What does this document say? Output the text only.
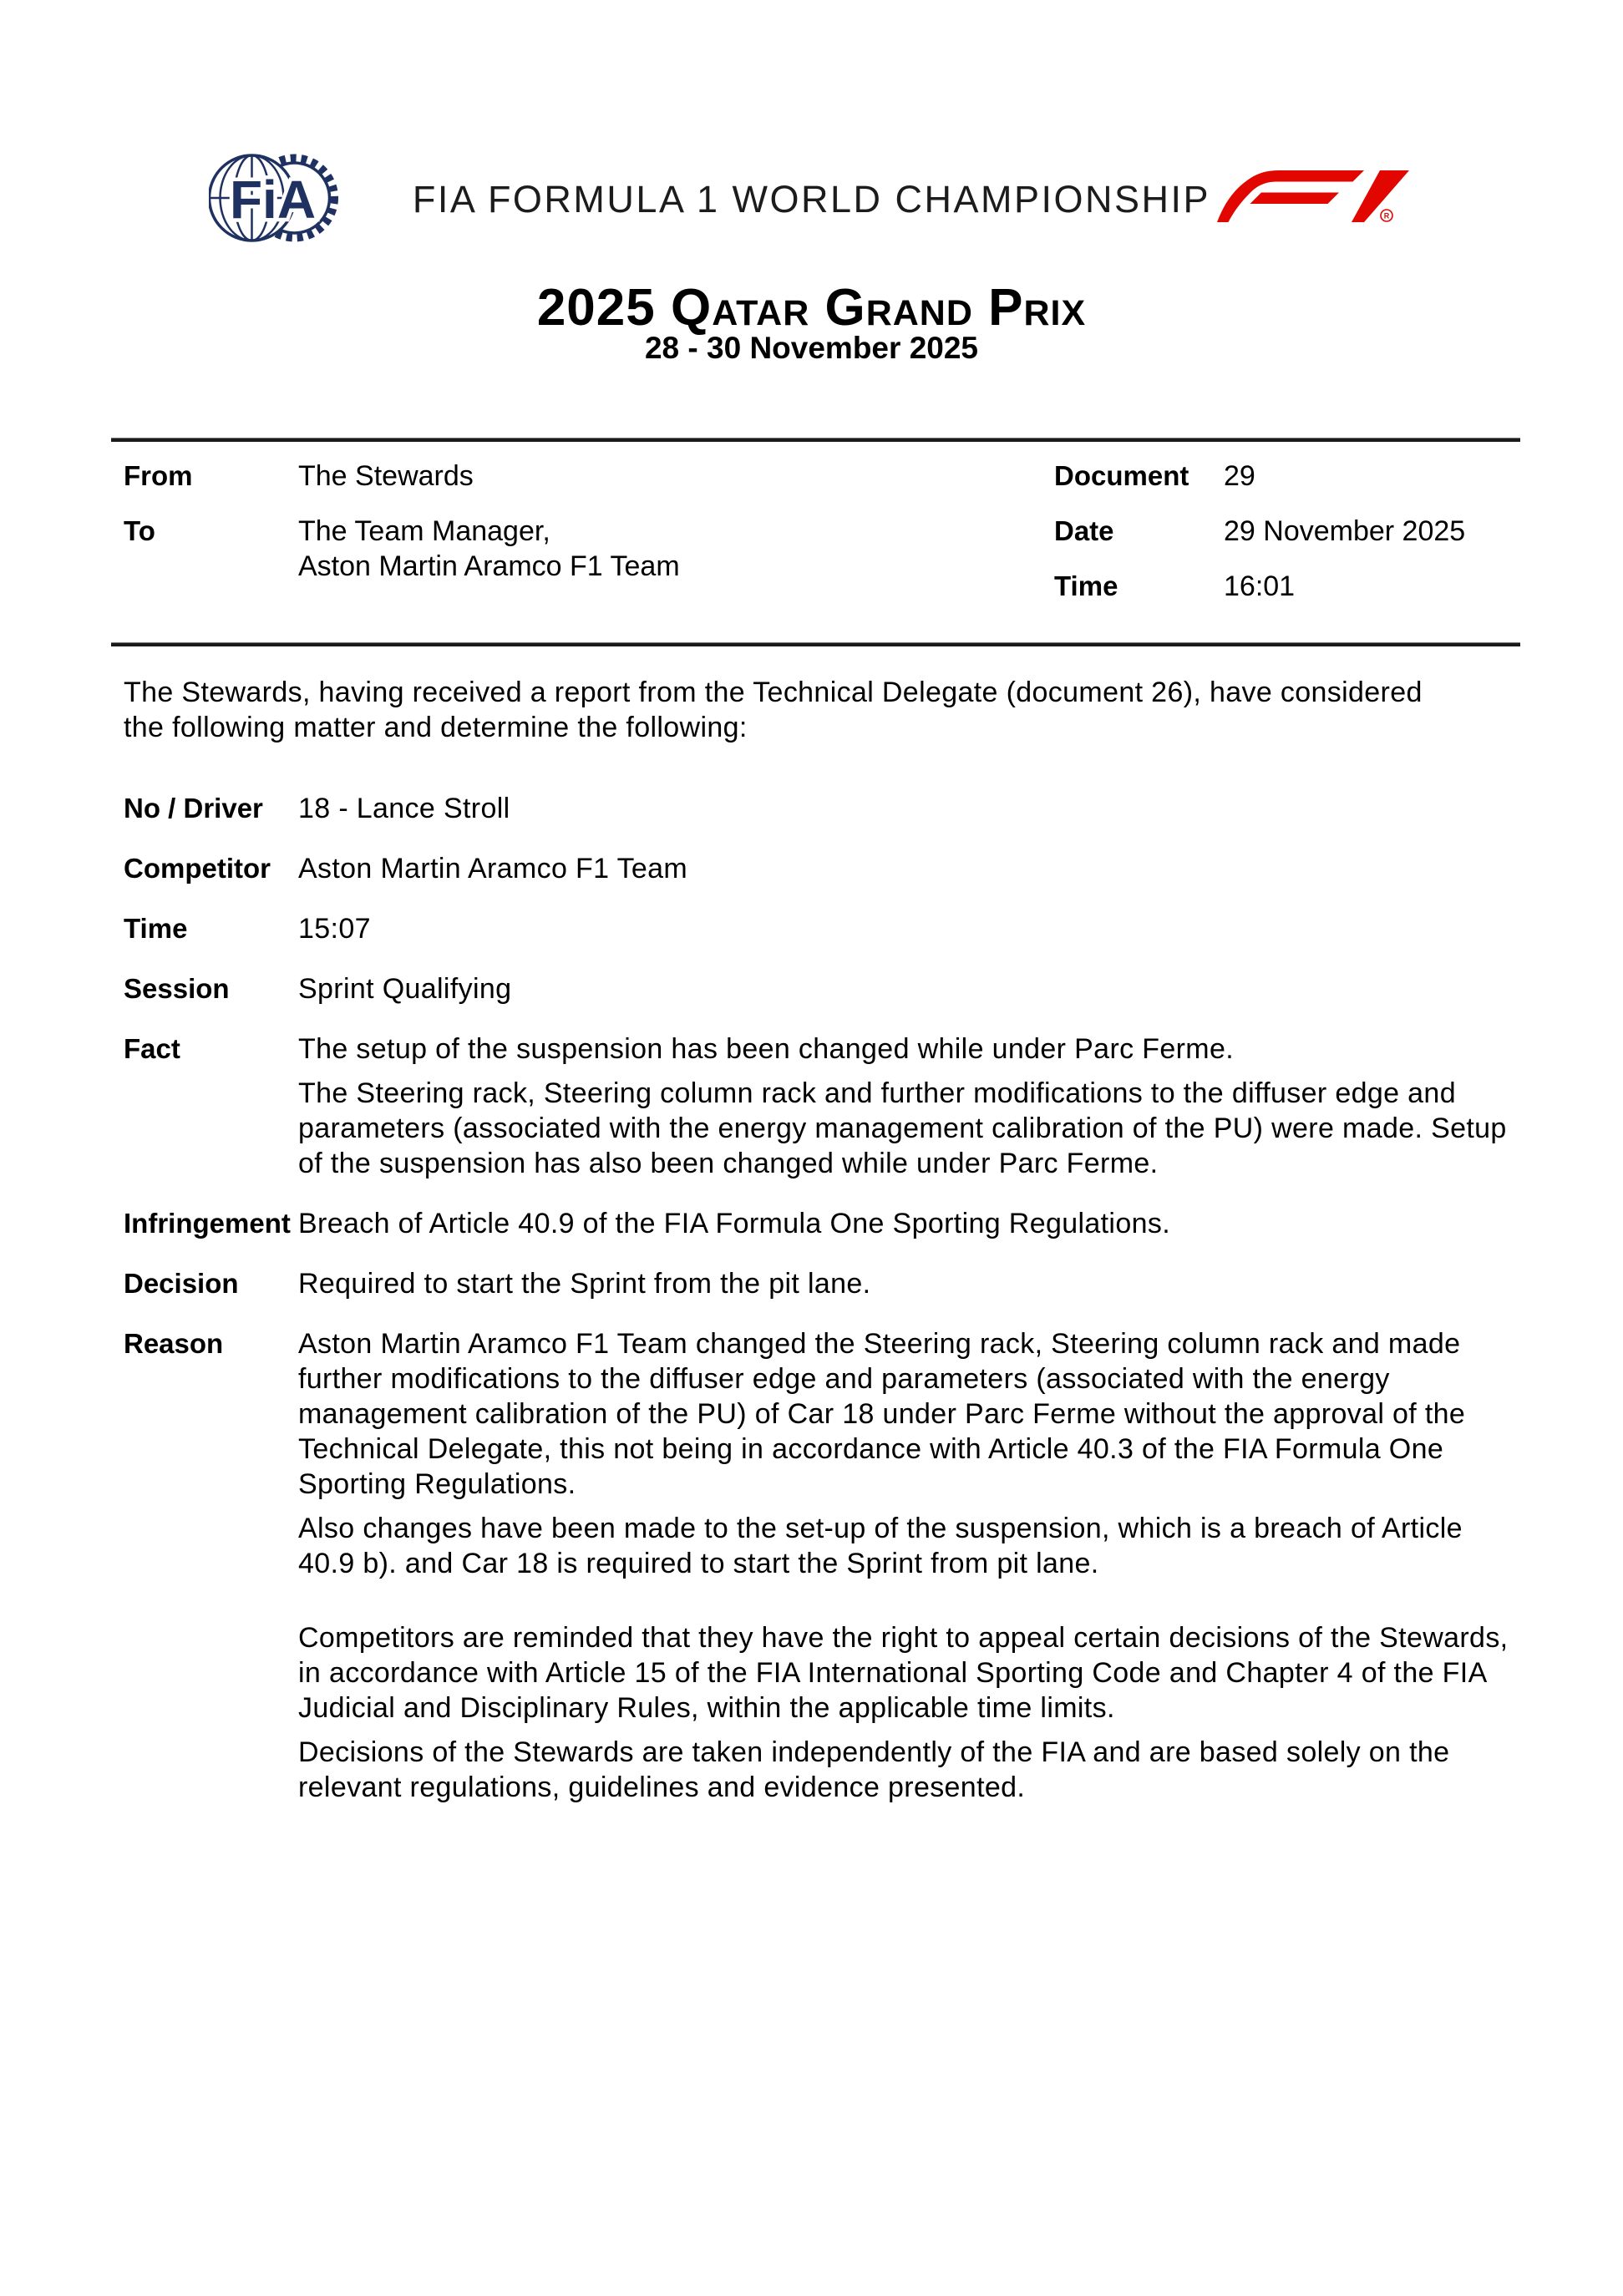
FiA	FIA FORMULA 1 WORLD CHAMPIONSHIP	R
2025 Qatar Grand Prix
28 - 30 November 2025
From	The Stewards
To	The Team Manager,
Aston Martin Aramco F1 Team
Document 29
Date	29 November 2025
Time	16:01

The Stewards, having received a report from the Technical Delegate (document 26), have considered the following matter and determine the following:

No / Driver	18 - Lance Stroll

Competitor Aston Martin Aramco F1 Team

Time	15:07

Session	Sprint Qualifying

Fact	The setup of the suspension has been changed while under Parc Ferme.

The Steering rack, Steering column rack and further modifications to the diffuser edge and parameters (associated with the energy management calibration of the PU) were made. Setup of the suspension has also been changed while under Parc Ferme.

Infringement Breach of Article 40.9 of the FIA Formula One Sporting Regulations.

Decision	Required to start the Sprint from the pit lane.

Reason	Aston Martin Aramco F1 Team changed the Steering rack, Steering column rack and made further modifications to the diffuser edge and parameters (associated with the energy management calibration of the PU) of Car 18 under Parc Ferme without the approval of the Technical Delegate, this not being in accordance with Article 40.3 of the FIA Formula One Sporting Regulations.

Also changes have been made to the set-up of the suspension, which is a breach of Article 40.9 b). and Car 18 is required to start the Sprint from pit lane.

Competitors are reminded that they have the right to appeal certain decisions of the Stewards, in accordance with Article 15 of the FIA International Sporting Code and Chapter 4 of the FIA Judicial and Disciplinary Rules, within the applicable time limits.

Decisions of the Stewards are taken independently of the FIA and are based solely on the relevant regulations, guidelines and evidence presented.
